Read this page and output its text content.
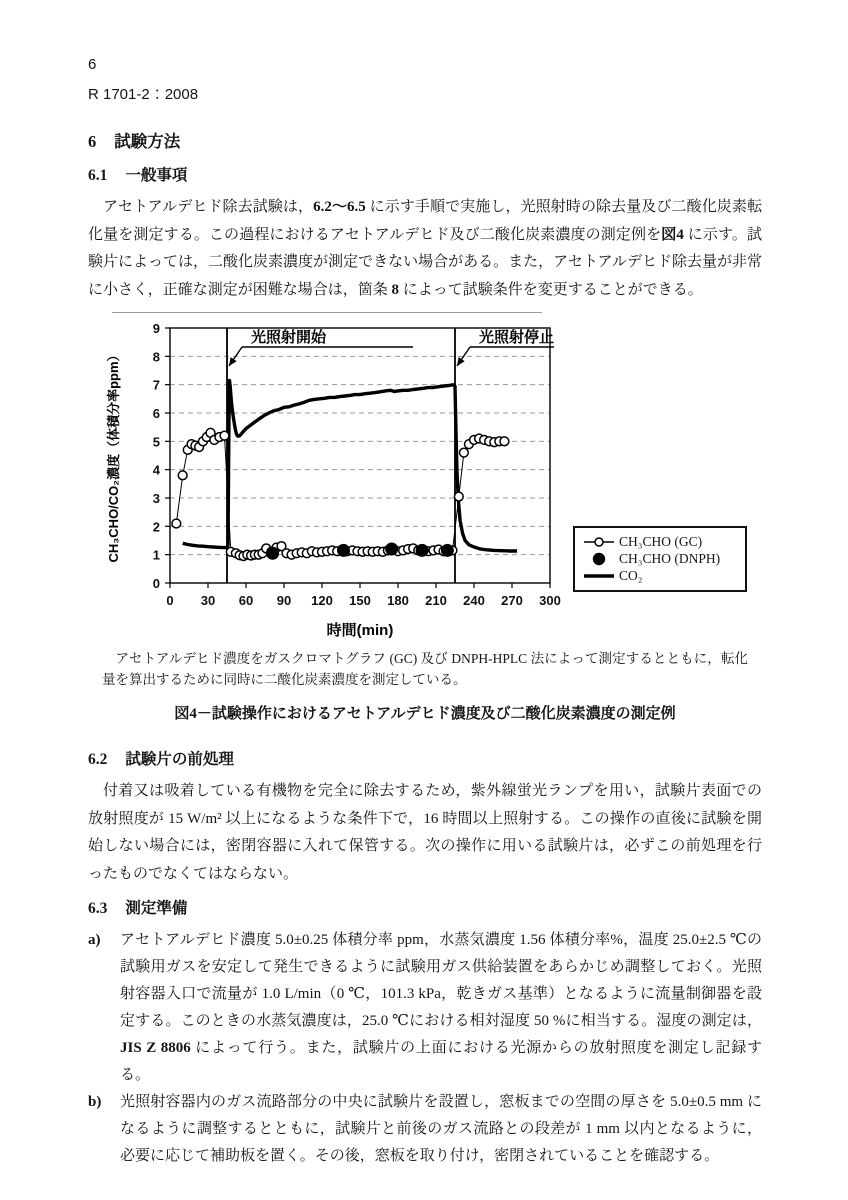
6

R 1701-2：2008

6 試験方法
6.1 一般事項

アセトアルデヒド除去試験は，6.2～6.5 に示す手順で実施し，光照射時の除去量及び二酸化炭素転化量を測定する。この過程におけるアセトアルデヒド及び二酸化炭素濃度の測定例を図4 に示す。試験片によっては，二酸化炭素濃度が測定できない場合がある。また，アセトアルデヒド除去量が非常に小さく，正確な測定が困難な場合は，箇条 8 によって試験条件を変更することができる。

0 30 60 90 120 150 180 210 240 270 300
0
1
2
3
4
5
6
7
8
9
光照射開始	光照射停止
時間(min)
CH₃CHO/CO₂濃度（体積分率ppm）	CH₃CHO (GC)
CH₃CHO (DNPH)
CO₂

アセトアルデヒド濃度をガスクロマトグラフ (GC) 及び DNPH-HPLC 法によって測定するとともに，転化量を算出するために同時に二酸化炭素濃度を測定している。

図4－試験操作におけるアセトアルデヒド濃度及び二酸化炭素濃度の測定例

6.2 試験片の前処理

付着又は吸着している有機物を完全に除去するため，紫外線蛍光ランプを用い，試験片表面での放射照度が 15 W/m² 以上になるような条件下で，16 時間以上照射する。この操作の直後に試験を開始しない場合には，密閉容器に入れて保管する。次の操作に用いる試験片は，必ずこの前処理を行ったものでなくてはならない。

6.3 測定準備
a)	アセトアルデヒド濃度 5.0±0.25 体積分率 ppm，水蒸気濃度 1.56 体積分率%，温度 25.0±2.5 ℃の試験用ガスを安定して発生できるように試験用ガス供給装置をあらかじめ調整しておく。光照射容器入口で流量が 1.0 L/min（0 ℃，101.3 kPa，乾きガス基準）となるように流量制御器を設定する。このときの水蒸気濃度は，25.0 ℃における相対湿度 50 %に相当する。湿度の測定は，JIS Z 8806 によって行う。また，試験片の上面における光源からの放射照度を測定し記録する。
b)	光照射容器内のガス流路部分の中央に試験片を設置し，窓板までの空間の厚さを 5.0±0.5 mm になるように調整するとともに，試験片と前後のガス流路との段差が 1 mm 以内となるように，必要に応じて補助板を置く。その後，窓板を取り付け，密閉されていることを確認する。
